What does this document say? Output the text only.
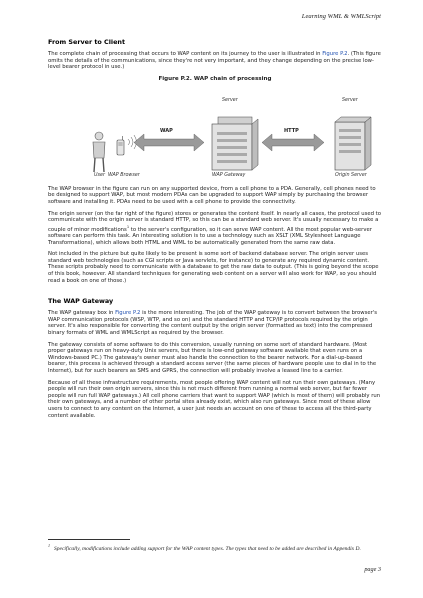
Learning WML & WMLScript
From Server to Client

The complete chain of processing that occurs to WAP content on its journey to the user is illustrated in Figure P.2. (This figure omits the details of the communications, since they're not very important, and they change depending on the precise low-level bearer protocol in use.)

Figure P.2. WAP chain of processing
Server	Server
WAP	HTTP
User WAP Browser	WAP Gateway	Origin Server

The WAP browser in the figure can run on any supported device, from a cell phone to a PDA. Generally, cell phones need to be designed to support WAP, but most modern PDAs can be upgraded to support WAP simply by purchasing the browser software and installing it. PDAs need to be used with a cell phone to provide the connectivity.

The origin server (on the far right of the figure) stores or generates the content itself. In nearly all cases, the protocol used to communicate with the origin server is standard HTTP, so this can be a standard web server. It's usually necessary to make a couple of minor modifications$^1$ to the server's configuration, so it can serve WAP content. All the most popular web-server software can perform this task. An interesting solution is to use a technology such as XSLT (XML Stylesheet Language Transformations), which allows both HTML and WML to be automatically generated from the same raw data.

Not included in the picture but quite likely to be present is some sort of backend database server. The origin server uses standard web technologies (such as CGI scripts or Java servlets, for instance) to generate any required dynamic content. These scripts probably need to communicate with a database to get the raw data to output. (This is going beyond the scope of this book, however. All standard techniques for generating web content on a server will also work for WAP, so you should read a book on one of those.)

The WAP Gateway

The WAP gateway box in Figure P.2 is the more interesting. The job of the WAP gateway is to convert between the browser's WAP communication protocols (WSP, WTP, and so on) and the standard HTTP and TCP/IP protocols required by the origin server. It's also responsible for converting the content output by the origin server (formatted as text) into the compressed binary formats of WML and WMLScript as required by the browser.

The gateway consists of some software to do this conversion, usually running on some sort of standard hardware. (Most proper gateways run on heavy-duty Unix servers, but there is low-end gateway software available that even runs on a Windows-based PC.) The gateway's owner must also handle the connection to the bearer network. For a dial-up-based bearer, this process is achieved through a standard access server (the same pieces of hardware people use to dial in to the Internet), but for such bearers as SMS and GPRS, the connection will probably involve a leased line to a carrier.

Because of all these infrastructure requirements, most people offering WAP content will not run their own gateways. (Many people will run their own origin servers, since this is not much different from running a normal web server, but far fewer people will run full WAP gateways.) All cell phone carriers that want to support WAP (which is most of them) will probably run their own gateways, and a number of other portal sites already exist, which also run gateways. Since most of these allow users to connect to any content on the Internet, a user just needs an account on one of these to access all the third-party content available.

$^1$Specifically, modifications include adding support for the WAP content types. The types that need to be added are described in Appendix D.
page 3
